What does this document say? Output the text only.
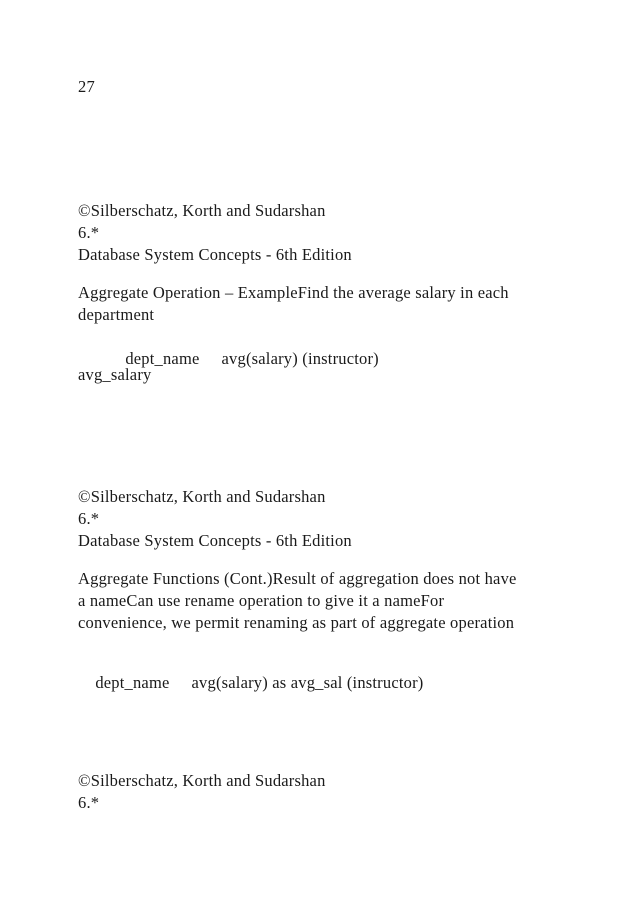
27
©Silberschatz, Korth and Sudarshan
6.*
Database System Concepts - 6th Edition
Aggregate Operation – ExampleFind the average salary in each
department

dept_name avg(salary) (instructor)

avg_salary
©Silberschatz, Korth and Sudarshan
6.*
Database System Concepts - 6th Edition
Aggregate Functions (Cont.)Result of aggregation does not have
a nameCan use rename operation to give it a nameFor
convenience, we permit renaming as part of aggregate operation

dept_name avg(salary) as avg_sal (instructor)

©Silberschatz, Korth and Sudarshan
6.*
